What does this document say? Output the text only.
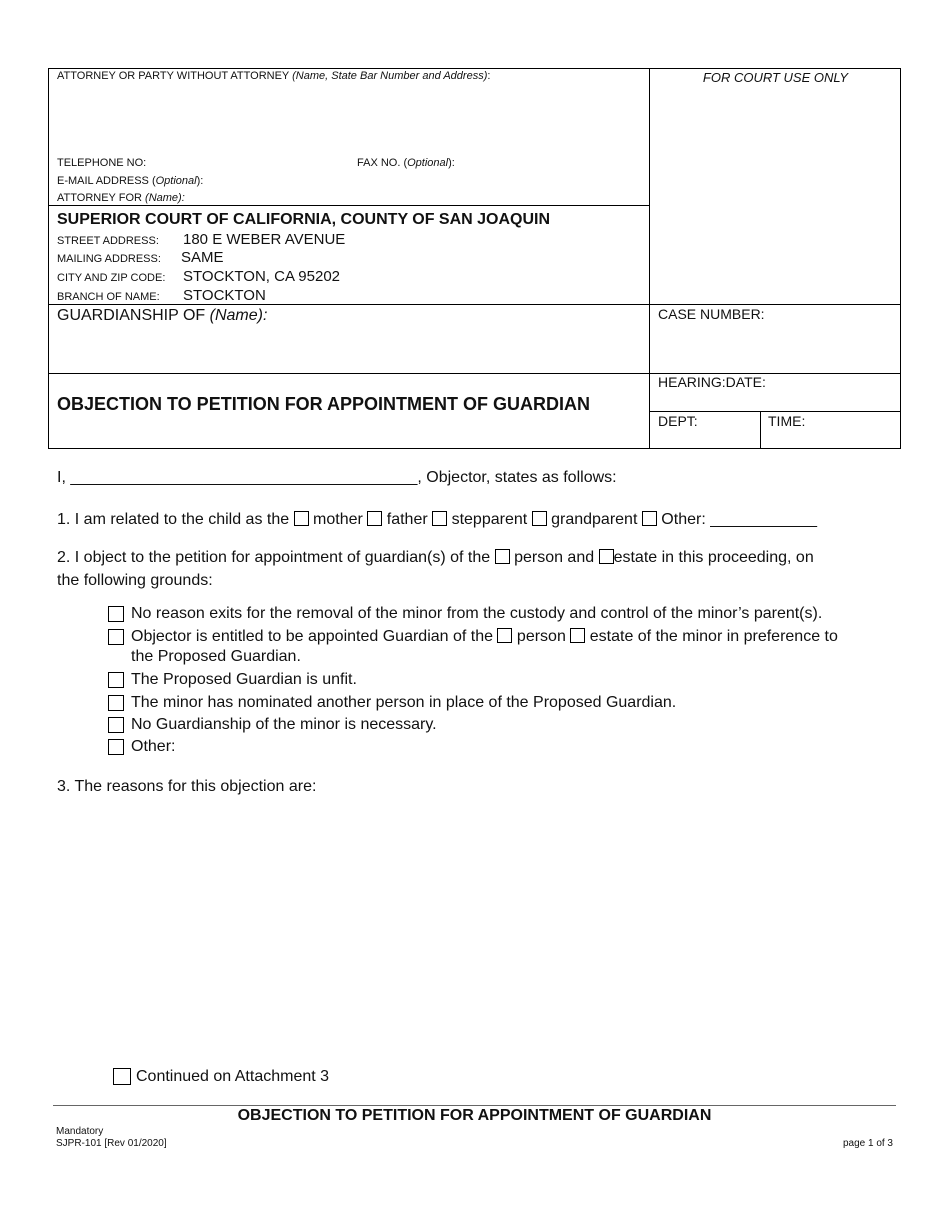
ATTORNEY OR PARTY WITHOUT ATTORNEY (Name, State Bar Number and Address):
TELEPHONE NO:	FAX NO. (Optional):
E-MAIL ADDRESS (Optional):
ATTORNEY FOR (Name):
FOR COURT USE ONLY
SUPERIOR COURT OF CALIFORNIA, COUNTY OF SAN JOAQUIN
STREET ADDRESS: 180 E WEBER AVENUE
MAILING ADDRESS: SAME
CITY AND ZIP CODE: STOCKTON, CA 95202
BRANCH OF NAME: STOCKTON
GUARDIANSHIP OF (Name):	CASE NUMBER:
OBJECTION TO PETITION FOR APPOINTMENT OF GUARDIAN
HEARING:DATE:
DEPT:	TIME:
I, _______________________________________, Objector, states as follows:
1. I am related to the child as the mother father stepparent grandparent Other: ____________
2. I object to the petition for appointment of guardian(s) of the person and estate in this proceeding, on
the following grounds:
No reason exits for the removal of the minor from the custody and control of the minor’s parent(s).
Objector is entitled to be appointed Guardian of the person estate of the minor in preference to
the Proposed Guardian.
The Proposed Guardian is unfit.
The minor has nominated another person in place of the Proposed Guardian.
No Guardianship of the minor is necessary.
Other:
3. The reasons for this objection are:
Continued on Attachment 3
OBJECTION TO PETITION FOR APPOINTMENT OF GUARDIAN
Mandatory
SJPR-101 [Rev 01/2020]	page 1 of 3
